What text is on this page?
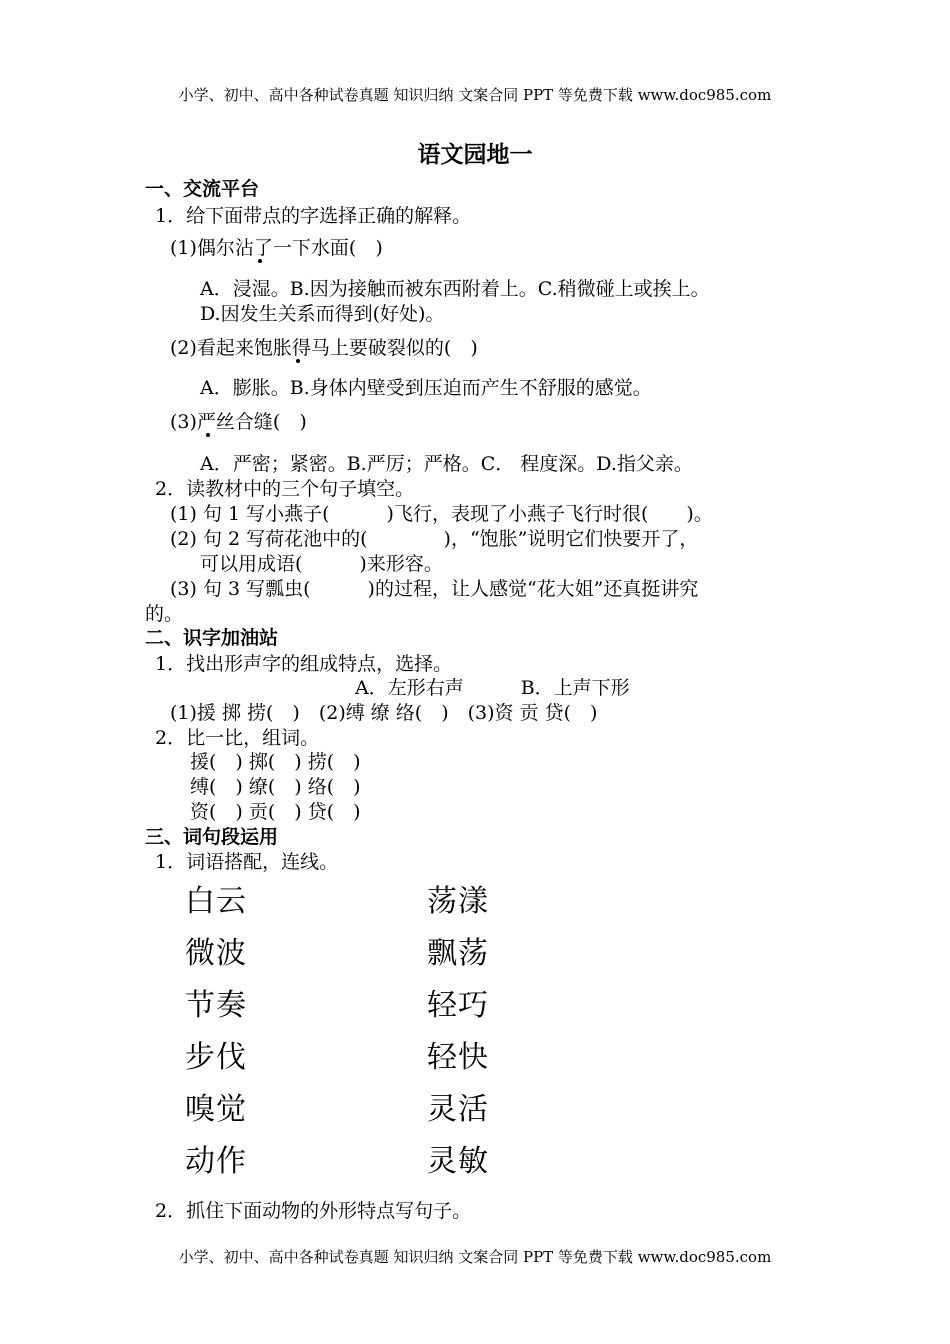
小学、初中、高中各种试卷真题 知识归纳 文案合同 PPT 等免费下载 www.doc985.com
语文园地一
一、交流平台
1．给下面带点的字选择正确的解释。
(1)偶尔沾了一下水面(　)
A．浸湿。B.因为接触而被东西附着上。C.稍微碰上或挨上。
D.因发生关系而得到(好处)。
(2)看起来饱胀得马上要破裂似的(　)
A．膨胀。B.身体内壁受到压迫而产生不舒服的感觉。
(3)严丝合缝(　)
A．严密；紧密。B.严厉；严格。C． 程度深。D.指父亲。
2．读教材中的三个句子填空。
(1) 句 1 写小燕子(　　　)飞行，表现了小燕子飞行时很(　　)。
(2) 句 2 写荷花池中的(　　　　)，“饱胀”说明它们快要开了，
可以用成语(　　　)来形容。
(3) 句 3 写瓢虫(　　　)的过程，让人感觉“花大姐”还真挺讲究
的。
二、识字加油站
1．找出形声字的组成特点，选择。
A．左形右声　　　B．上声下形
(1)援 掷 捞(　)　(2)缚 缭 络(　)　(3)资 贡 贷(　)
2．比一比，组词。
援(　) 掷(　) 捞(　)
缚(　) 缭(　) 络(　)
资(　) 贡(　) 贷(　)
三、词句段运用
1．词语搭配，连线。
白云
微波
节奏
步伐
嗅觉
动作
荡漾
飘荡
轻巧
轻快
灵活
灵敏
2．抓住下面动物的外形特点写句子。
小学、初中、高中各种试卷真题 知识归纳 文案合同 PPT 等免费下载 www.doc985.com
